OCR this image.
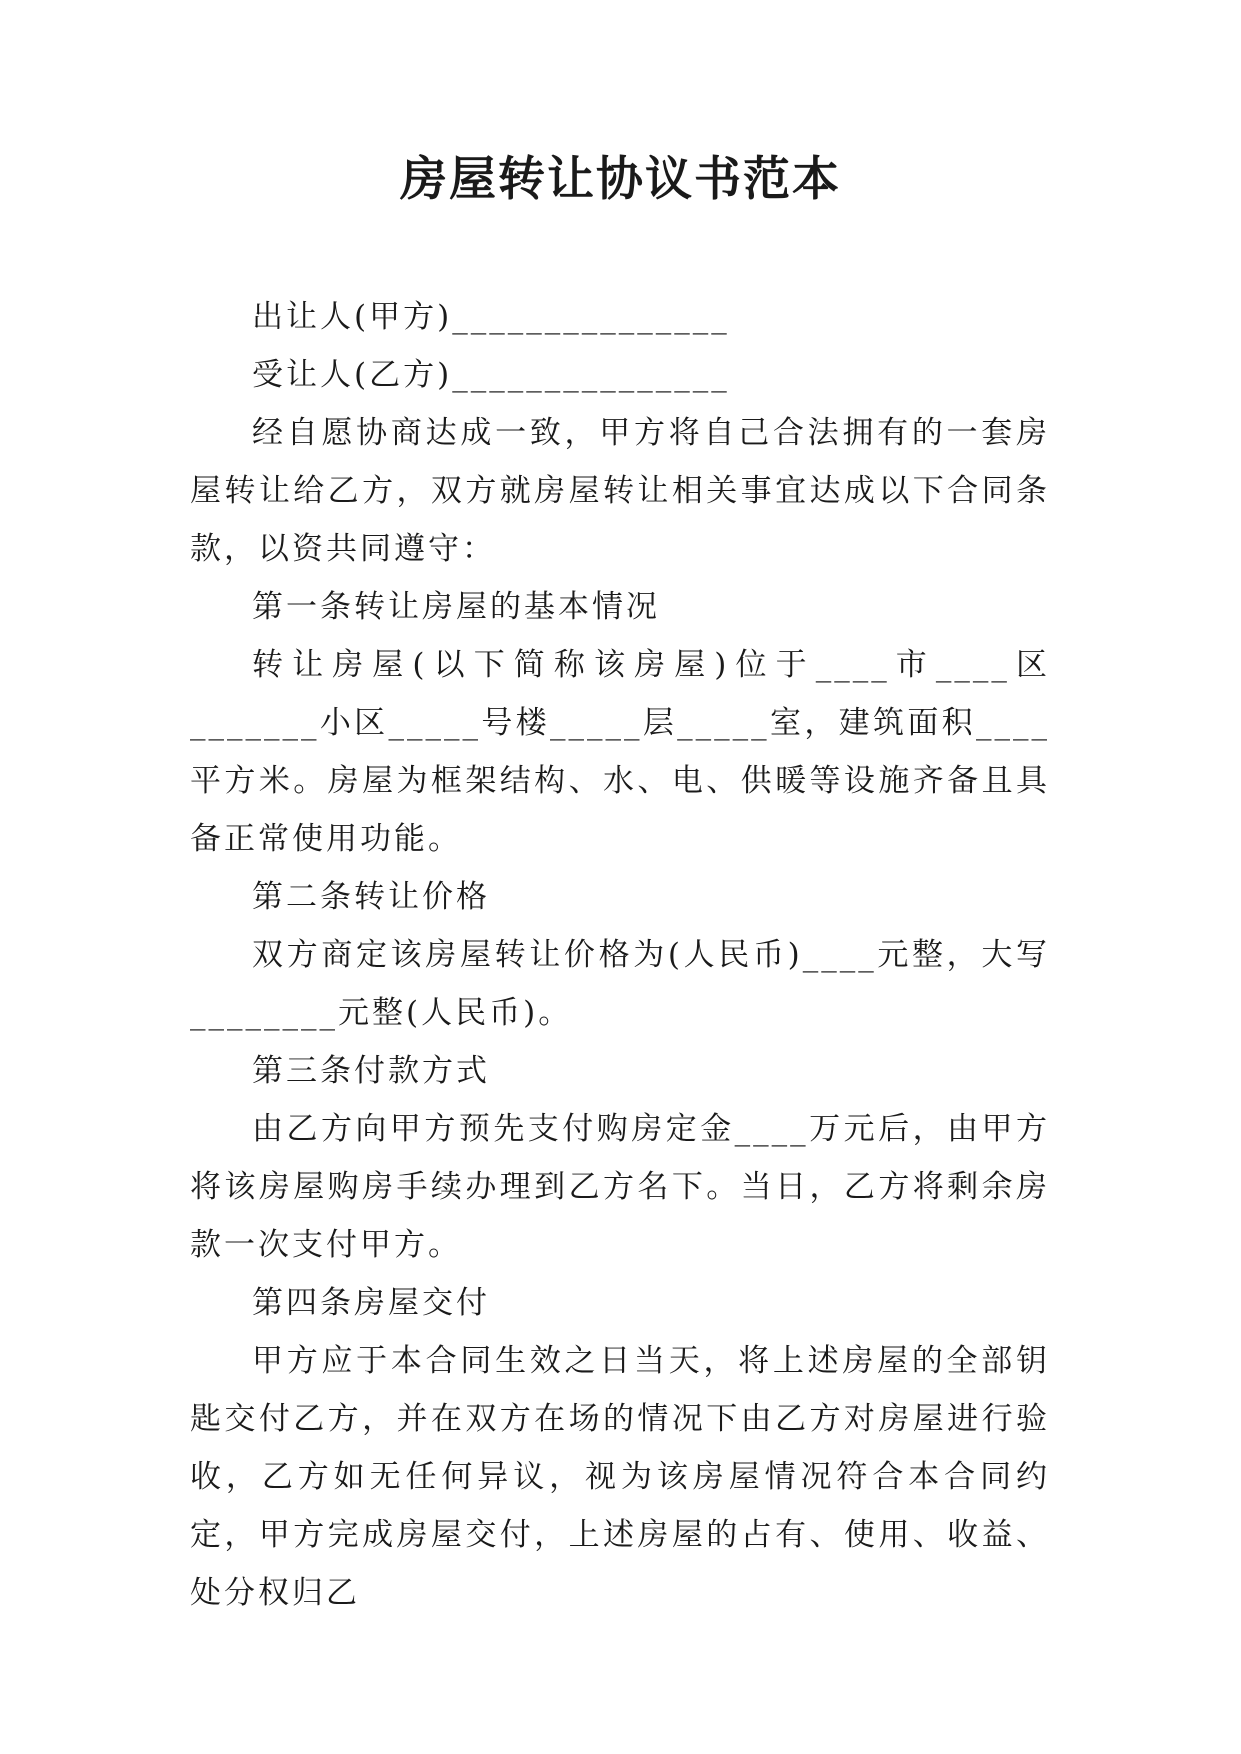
房屋转让协议书范本

出让人(甲方)_______________

受让人(乙方)_______________

经自愿协商达成一致，甲方将自己合法拥有的一套房屋转让给乙方，双方就房屋转让相关事宜达成以下合同条款，以资共同遵守：

第一条转让房屋的基本情况

转让房屋(以下简称该房屋)位于____市____区_______小区_____号楼_____层_____室，建筑面积____平方米。房屋为框架结构、水、电、供暖等设施齐备且具备正常使用功能。

第二条转让价格

双方商定该房屋转让价格为(人民币)____元整，大写________元整(人民币)。

第三条付款方式

由乙方向甲方预先支付购房定金____万元后，由甲方将该房屋购房手续办理到乙方名下。当日，乙方将剩余房款一次支付甲方。

第四条房屋交付

甲方应于本合同生效之日当天，将上述房屋的全部钥匙交付乙方，并在双方在场的情况下由乙方对房屋进行验收，乙方如无任何异议，视为该房屋情况符合本合同约定，甲方完成房屋交付，上述房屋的占有、使用、收益、处分权归乙
